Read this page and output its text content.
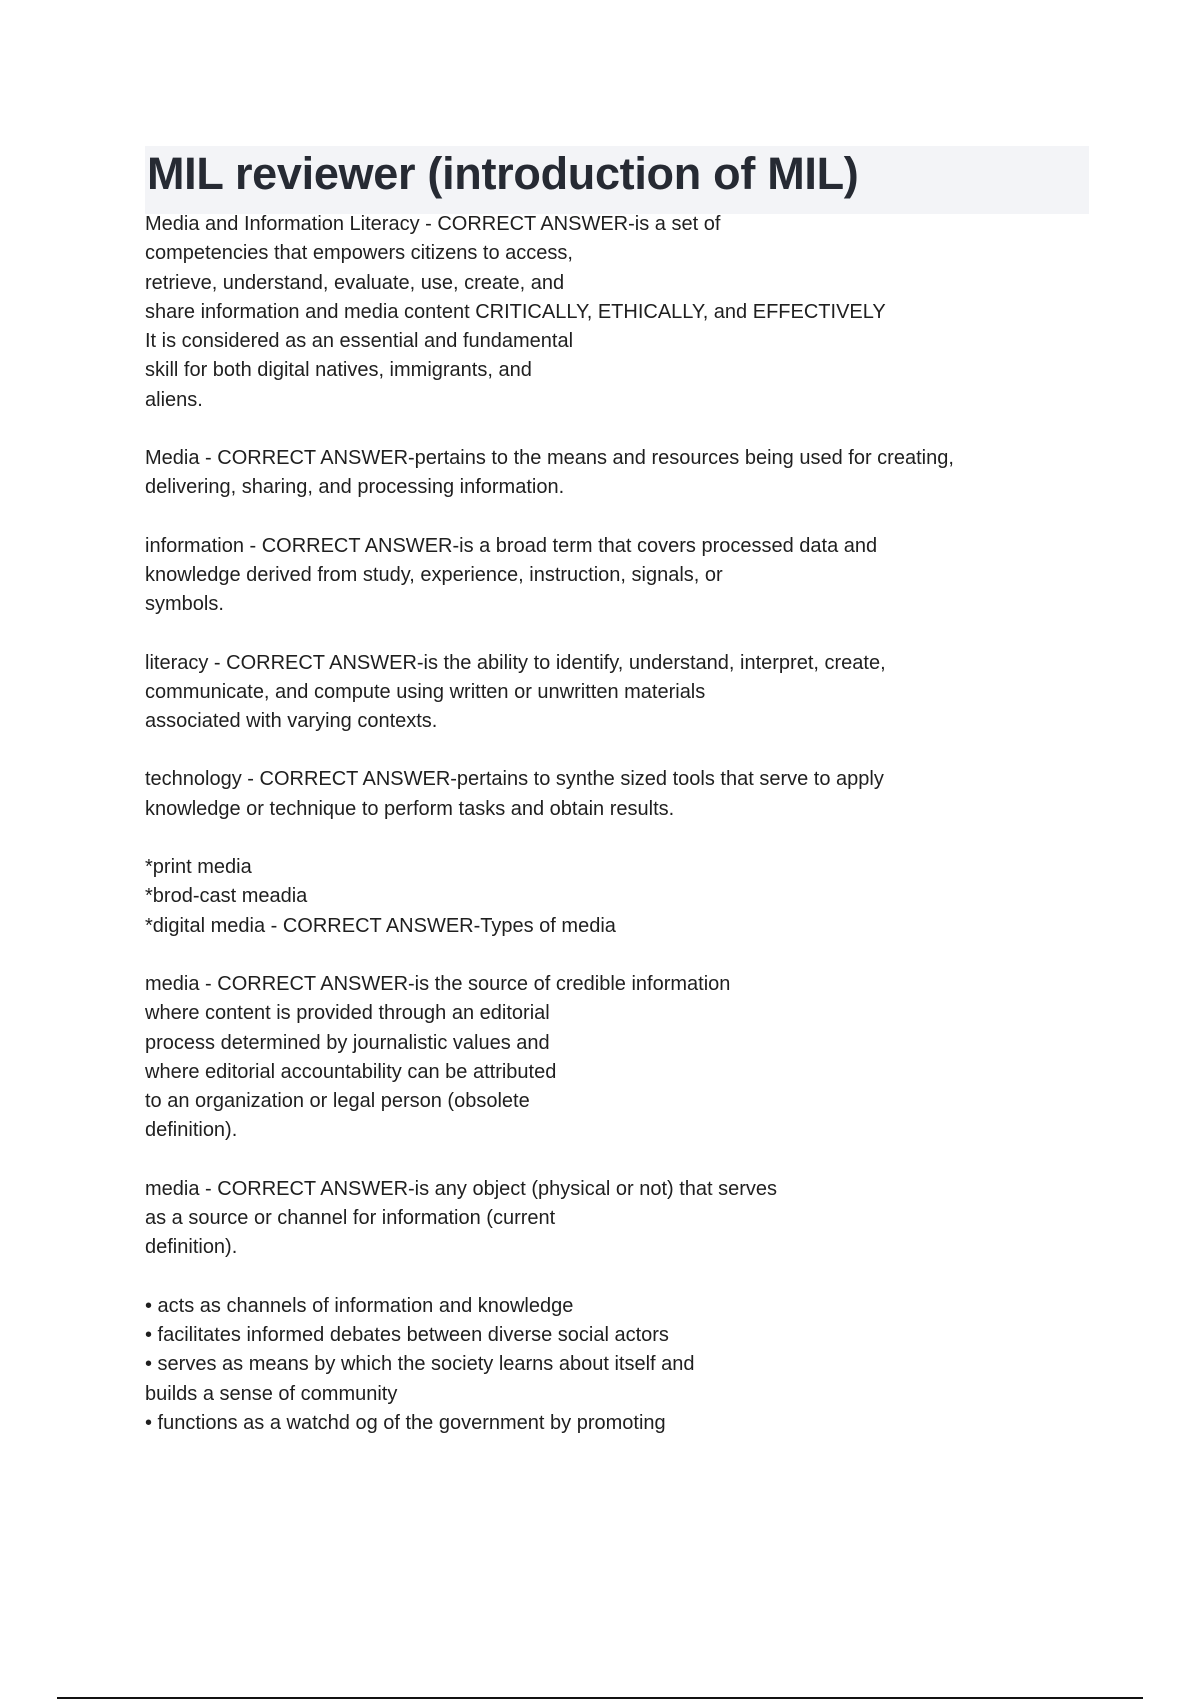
MIL reviewer (introduction of MIL)
Media and Information Literacy - CORRECT ANSWER-is a set of
competencies that empowers citizens to access,
retrieve, understand, evaluate, use, create, and
share information and media content CRITICALLY, ETHICALLY, and EFFECTIVELY
It is considered as an essential and fundamental
skill for both digital natives, immigrants, and
aliens.
Media - CORRECT ANSWER-pertains to the means and resources being used for creating,
delivering, sharing, and processing information.
information - CORRECT ANSWER-is a broad term that covers processed data and
knowledge derived from study, experience, instruction, signals, or
symbols.
literacy - CORRECT ANSWER-is the ability to identify, understand, interpret, create,
communicate, and compute using written or unwritten materials
associated with varying contexts.
technology - CORRECT ANSWER-pertains to synthe sized tools that serve to apply
knowledge or technique to perform tasks and obtain results.
*print media
*brod-cast meadia
*digital media - CORRECT ANSWER-Types of media
media - CORRECT ANSWER-is the source of credible information
where content is provided through an editorial
process determined by journalistic values and
where editorial accountability can be attributed
to an organization or legal person (obsolete
definition).
media - CORRECT ANSWER-is any object (physical or not) that serves
as a source or channel for information (current
definition).
• acts as channels of information and knowledge
• facilitates informed debates between diverse social actors
• serves as means by which the society learns about itself and
builds a sense of community
• functions as a watchd og of the government by promoting
